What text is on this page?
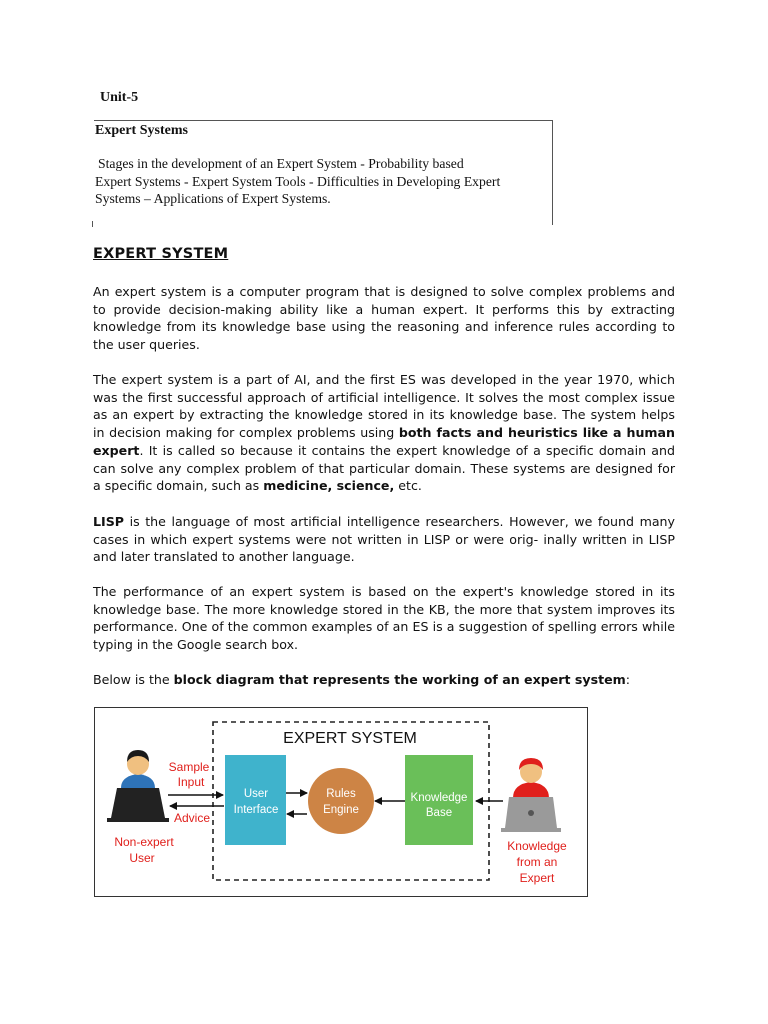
Unit-5
Expert Systems
Stages in the development of an Expert System - Probability based
Expert Systems - Expert System Tools - Difficulties in Developing Expert
Systems – Applications of Expert Systems.
EXPERT SYSTEM

An expert system is a computer program that is designed to solve complex problems and to provide decision-making ability like a human expert. It performs this by extracting knowledge from its knowledge base using the reasoning and inference rules according to the user queries.

The expert system is a part of AI, and the first ES was developed in the year 1970, which was the first successful approach of artificial intelligence. It solves the most complex issue as an expert by extracting the knowledge stored in its knowledge base. The system helps in decision making for complex problems using both facts and heuristics like a human expert. It is called so because it contains the expert knowledge of a specific domain and can solve any complex problem of that particular domain. These systems are designed for a specific domain, such as medicine, science, etc.

LISP is the language of most artificial intelligence researchers. However, we found many cases in which expert systems were not written in LISP or were orig- inally written in LISP and later translated to another language.

The performance of an expert system is based on the expert's knowledge stored in its knowledge base. The more knowledge stored in the KB, the more that system improves its performance. One of the common examples of an ES is a suggestion of spelling errors while typing in the Google search box.

Below is the block diagram that represents the working of an expert system:

EXPERT SYSTEM
User
Interface
Rules
Engine
Knowledge
Base
Sample
Input
Advice
Non-expert
User
Knowledge
from an
Expert
